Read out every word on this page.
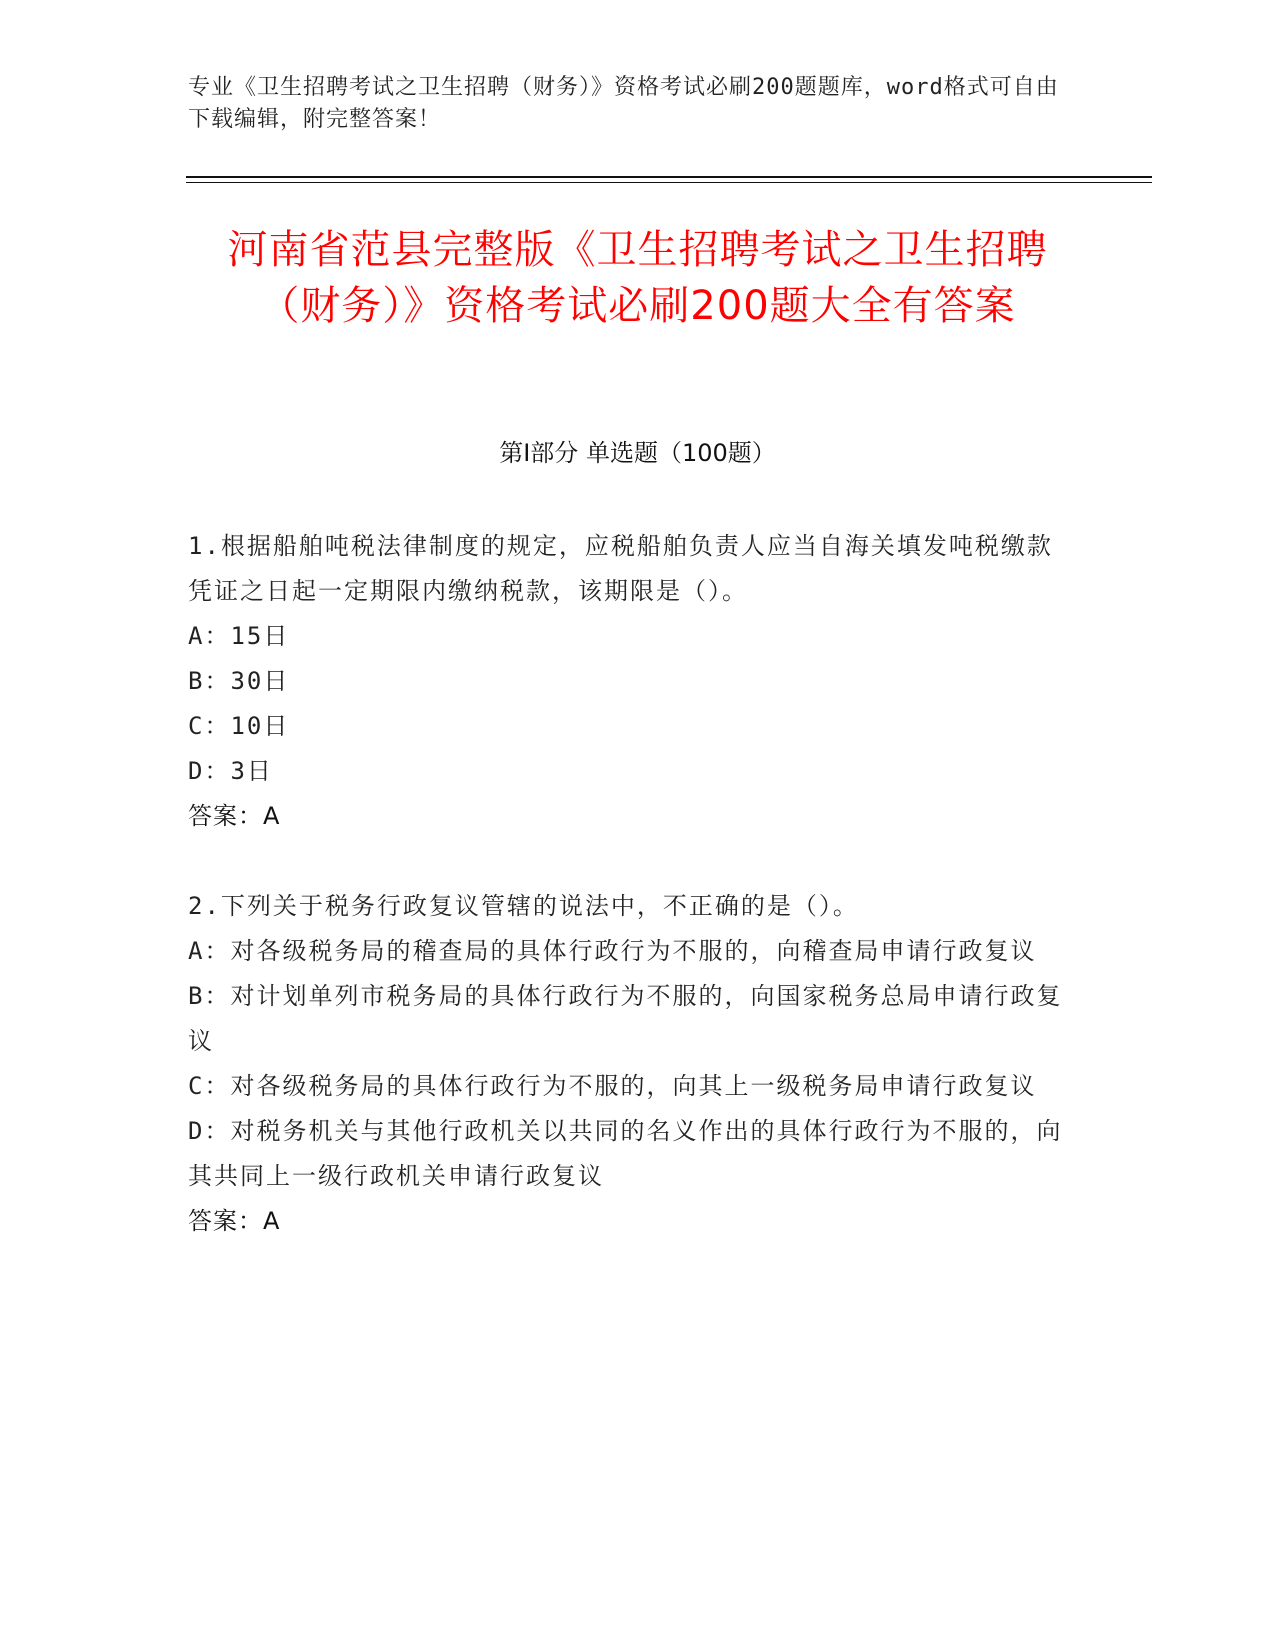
专业《卫生招聘考试之卫生招聘（财务）》资格考试必刷200题题库，word格式可自由下载编辑，附完整答案！
河南省范县完整版《卫生招聘考试之卫生招聘（财务）》资格考试必刷200题大全有答案
第Ⅰ部分 单选题（100题）

1.根据船舶吨税法律制度的规定，应税船舶负责人应当自海关填发吨税缴款凭证之日起一定期限内缴纳税款，该期限是（）。

A：15日

B：30日

C：10日

D：3日

答案：A

2.下列关于税务行政复议管辖的说法中，不正确的是（）。

A：对各级税务局的稽查局的具体行政行为不服的，向稽查局申请行政复议

B：对计划单列市税务局的具体行政行为不服的，向国家税务总局申请行政复议

C：对各级税务局的具体行政行为不服的，向其上一级税务局申请行政复议

D：对税务机关与其他行政机关以共同的名义作出的具体行政行为不服的，向其共同上一级行政机关申请行政复议

答案：A
